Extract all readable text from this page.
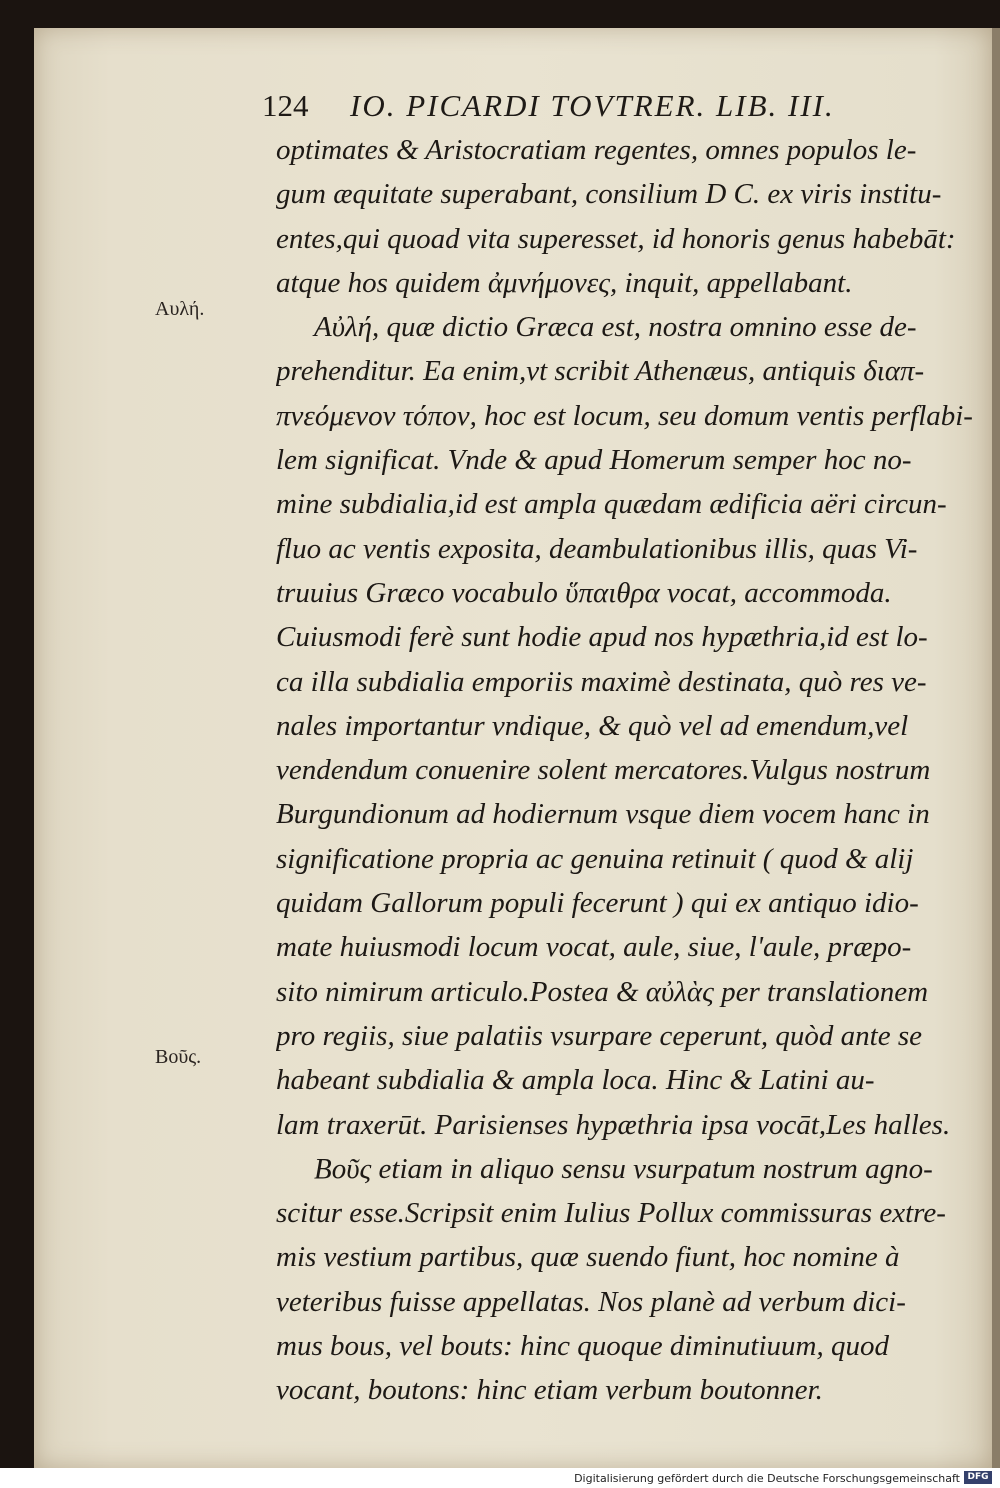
124 IO. PICARDI TOVTRER. LIB. III.
Αυλή.
Βοῦς.
optimates & Aristocratiam regentes, omnes populos le-
gum æquitate superabant, consilium D C. ex viris institu-
entes,qui quoad vita superesset, id honoris genus habebāt:
atque hos quidem ἀμνήμονες, inquit, appellabant.
Αὐλή, quæ dictio Græca est, nostra omnino esse de-
prehenditur. Ea enim,vt scribit Athenæus, antiquis διαπ-
πνεόμενον τόπον, hoc est locum, seu domum ventis perflabi-
lem significat. Vnde & apud Homerum semper hoc no-
mine subdialia,id est ampla quædam ædificia aëri circun-
fluo ac ventis exposita, deambulationibus illis, quas Vi-
truuius Græco vocabulo ὕπαιθρα vocat, accommoda.
Cuiusmodi ferè sunt hodie apud nos hypæthria,id est lo-
ca illa subdialia emporiis maximè destinata, quò res ve-
nales importantur vndique, & quò vel ad emendum,vel
vendendum conuenire solent mercatores.Vulgus nostrum
Burgundionum ad hodiernum vsque diem vocem hanc in
significatione propria ac genuina retinuit ( quod & alij
quidam Gallorum populi fecerunt ) qui ex antiquo idio-
mate huiusmodi locum vocat, aule, siue, l'aule, præpo-
sito nimirum articulo.Postea & αὐλὰς per translationem
pro regiis, siue palatiis vsurpare ceperunt, quòd ante se
habeant subdialia & ampla loca. Hinc & Latini au-
lam traxerūt. Parisienses hypæthria ipsa vocāt,Les halles.
Βοῦς etiam in aliquo sensu vsurpatum nostrum agno-
scitur esse.Scripsit enim Iulius Pollux commissuras extre-
mis vestium partibus, quæ suendo fiunt, hoc nomine à
veteribus fuisse appellatas. Nos planè ad verbum dici-
mus bous, vel bouts: hinc quoque diminutiuum, quod
vocant, boutons: hinc etiam verbum boutonner.
Digitalisierung gefördert durch die Deutsche Forschungsgemeinschaft DFG
